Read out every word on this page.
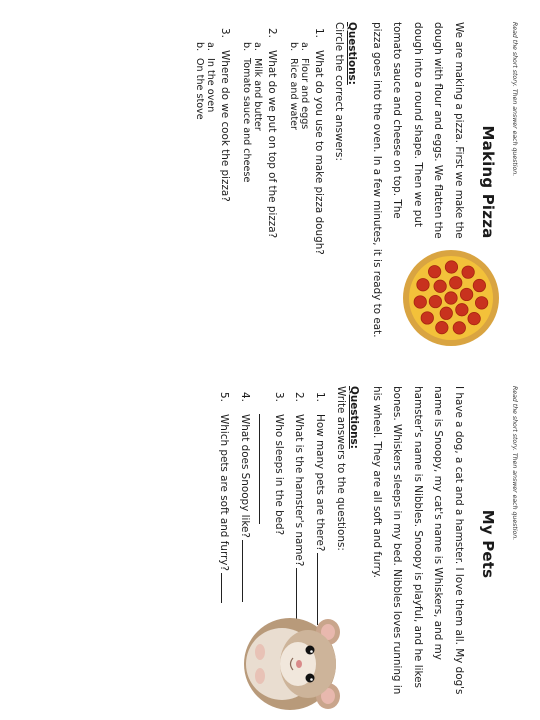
Read the short story. Then answer each question.

Making Pizza

We are making a pizza. First we make the dough with flour and eggs. We flatten the dough into a round shape. Then we put tomato sauce and cheese on top. The pizza goes into the oven. In a few minutes, it is ready to eat.

Questions:
Circle the correct answers:
1.What do you use to make pizza dough?
a.Flour and eggs
b.Rice and water
2.What do we put on top of the pizza?
a.Milk and butter
b.Tomato sauce and cheese
3.Where do we cook the pizza?
a.In the oven
b.On the stove

Read the short story. Then answer each question.

My Pets

I have a dog, a cat and a hamster. I love them all. My dog's name is Snoopy, my cat's name is Whiskers, and my hamster's name is Nibbles. Snoopy is playful, and he likes bones. Whiskers sleeps in my bed. Nibbles loves running in his wheel. They are all soft and furry.

Questions:
Write answers to the questions:
1.How many pets are there?
2.What is the hamster's name?
3.Who sleeps in the bed?
4.What does Snoopy like?
5.Which pets are soft and furry?
